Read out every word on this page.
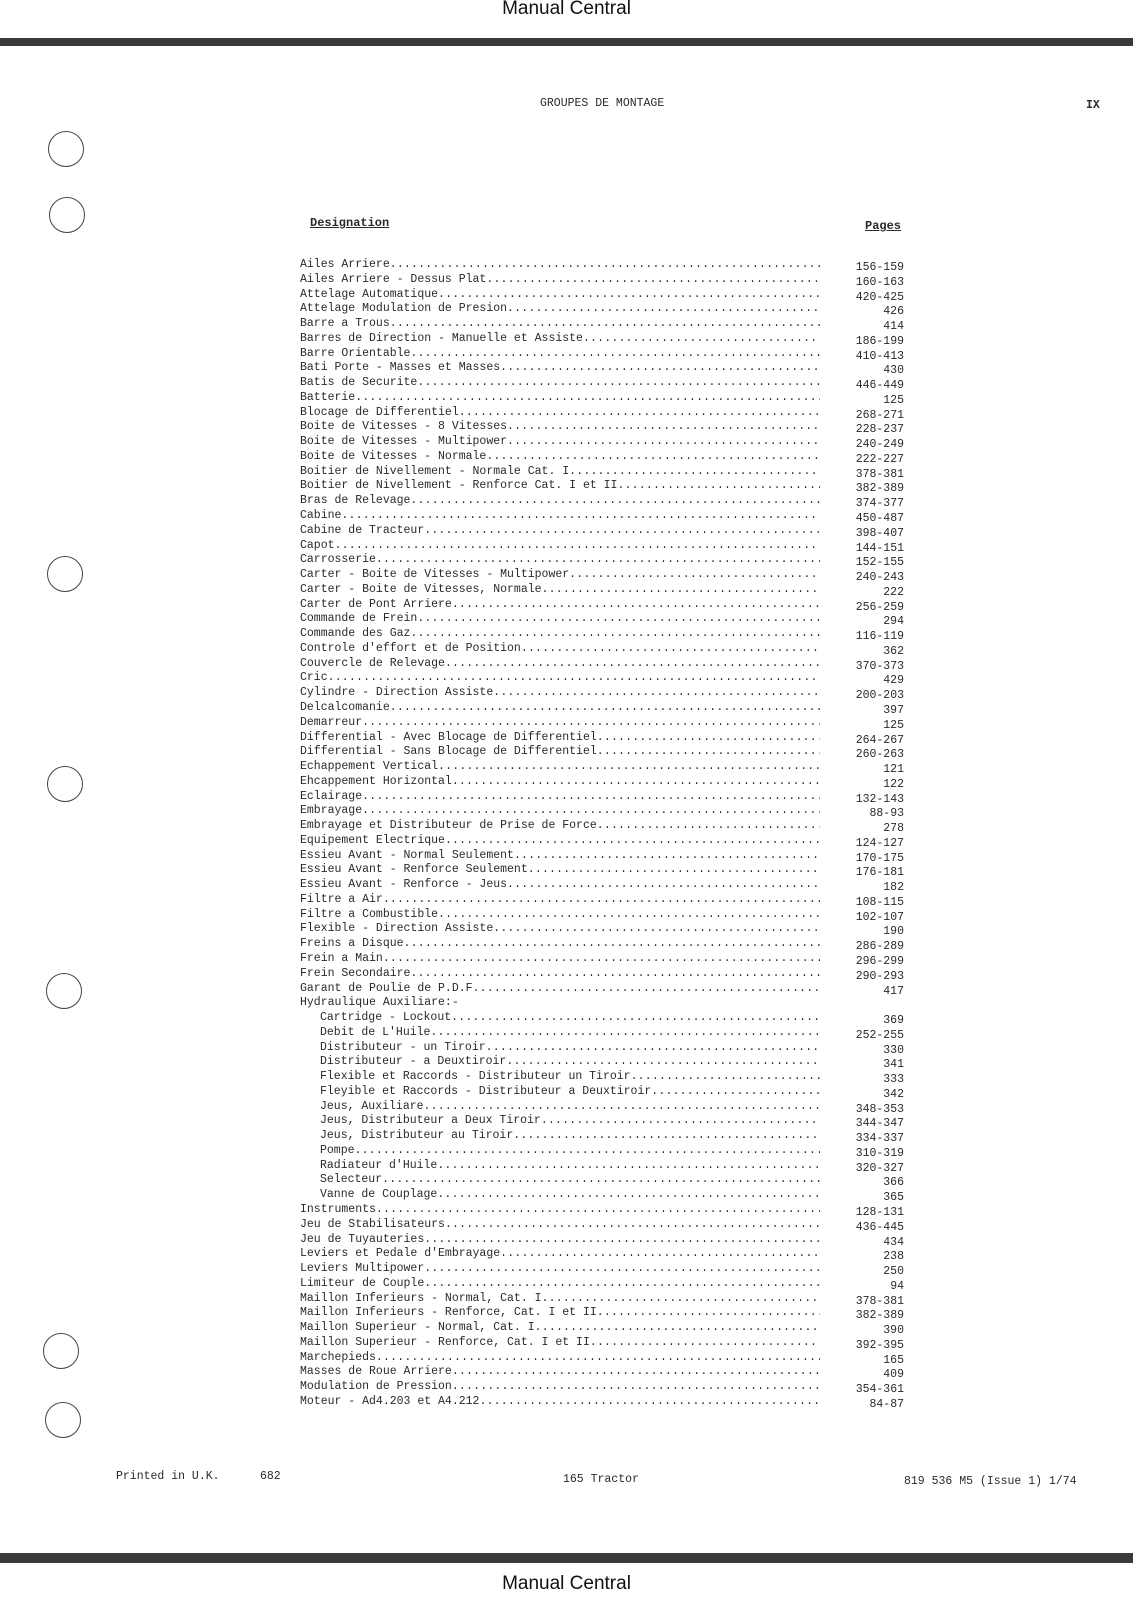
Manual Central
GROUPES DE MONTAGE	IX
Designation	Pages
Ailes Arriere .....	156-159
Ailes Arriere - Dessus Plat .....	160-163
Attelage Automatique .....	420-425
Attelage Modulation de Presion .....	426
Barre a Trous .....	414
Barres de Direction - Manuelle et Assiste .....	186-199
Barre Orientable .....	410-413
Bati Porte - Masses et Masses .....	430
Batis de Securite .....	446-449
Batterie .....	125
Blocage de Differentiel .....	268-271
Boite de Vitesses - 8 Vitesses .....	228-237
Boite de Vitesses - Multipower .....	240-249
Boite de Vitesses - Normale .....	222-227
Boitier de Nivellement - Normale Cat. I .....	378-381
Boitier de Nivellement - Renforce Cat. I et II .....	382-389
Bras de Relevage .....	374-377
Cabine .....	450-487
Cabine de Tracteur .....	398-407
Capot .....	144-151
Carrosserie .....	152-155
Carter - Boite de Vitesses - Multipower .....	240-243
Carter - Boite de Vitesses, Normale .....	222
Carter de Pont Arriere .....	256-259
Commande de Frein .....	294
Commande des Gaz .....	116-119
Controle d'effort et de Position .....	362
Couvercle de Relevage .....	370-373
Cric .....	429
Cylindre - Direction Assiste .....	200-203
Delcalcomanie .....	397
Demarreur .....	125
Differential - Avec Blocage de Differentiel .....	264-267
Differential - Sans Blocage de Differentiel .....	260-263
Echappement Vertical .....	121
Ehcappement Horizontal .....	122
Eclairage .....	132-143
Embrayage .....	88-93
Embrayage et Distributeur de Prise de Force .....	278
Equipement Electrique .....	124-127
Essieu Avant - Normal Seulement .....	170-175
Essieu Avant - Renforce Seulement .....	176-181
Essieu Avant - Renforce - Jeus .....	182
Filtre a Air .....	108-115
Filtre a Combustible .....	102-107
Flexible - Direction Assiste .....	190
Freins a Disque .....	286-289
Frein a Main .....	296-299
Frein Secondaire .....	290-293
Garant de Poulie de P.D.F .....	417
Hydraulique Auxiliare:-
Cartridge - Lockout .....	369
Debit de L'Huile .....	252-255
Distributeur - un Tiroir .....	330
Distributeur - a Deuxtiroir .....	341
Flexible et Raccords - Distributeur un Tiroir .....	333
Fleyible et Raccords - Distributeur a Deuxtiroir .....	342
Jeus, Auxiliare .....	348-353
Jeus, Distributeur a Deux Tiroir .....	344-347
Jeus, Distributeur au Tiroir .....	334-337
Pompe .....	310-319
Radiateur d'Huile .....	320-327
Selecteur .....	366
Vanne de Couplage .....	365
Instruments .....	128-131
Jeu de Stabilisateurs .....	436-445
Jeu de Tuyauteries .....	434
Leviers et Pedale d'Embrayage .....	238
Leviers Multipower .....	250
Limiteur de Couple .....	94
Maillon Inferieurs - Normal, Cat. I .....	378-381
Maillon Inferieurs - Renforce, Cat. I et II .....	382-389
Maillon Superieur - Normal, Cat. I .....	390
Maillon Superieur - Renforce, Cat. I et II .....	392-395
Marchepieds .....	165
Masses de Roue Arriere .....	409
Modulation de Pression .....	354-361
Moteur - Ad4.203 et A4.212 .....	84-87
Printed in U.K.	682	165 Tractor	819 536 M5 (Issue 1) 1/74
Manual Central
